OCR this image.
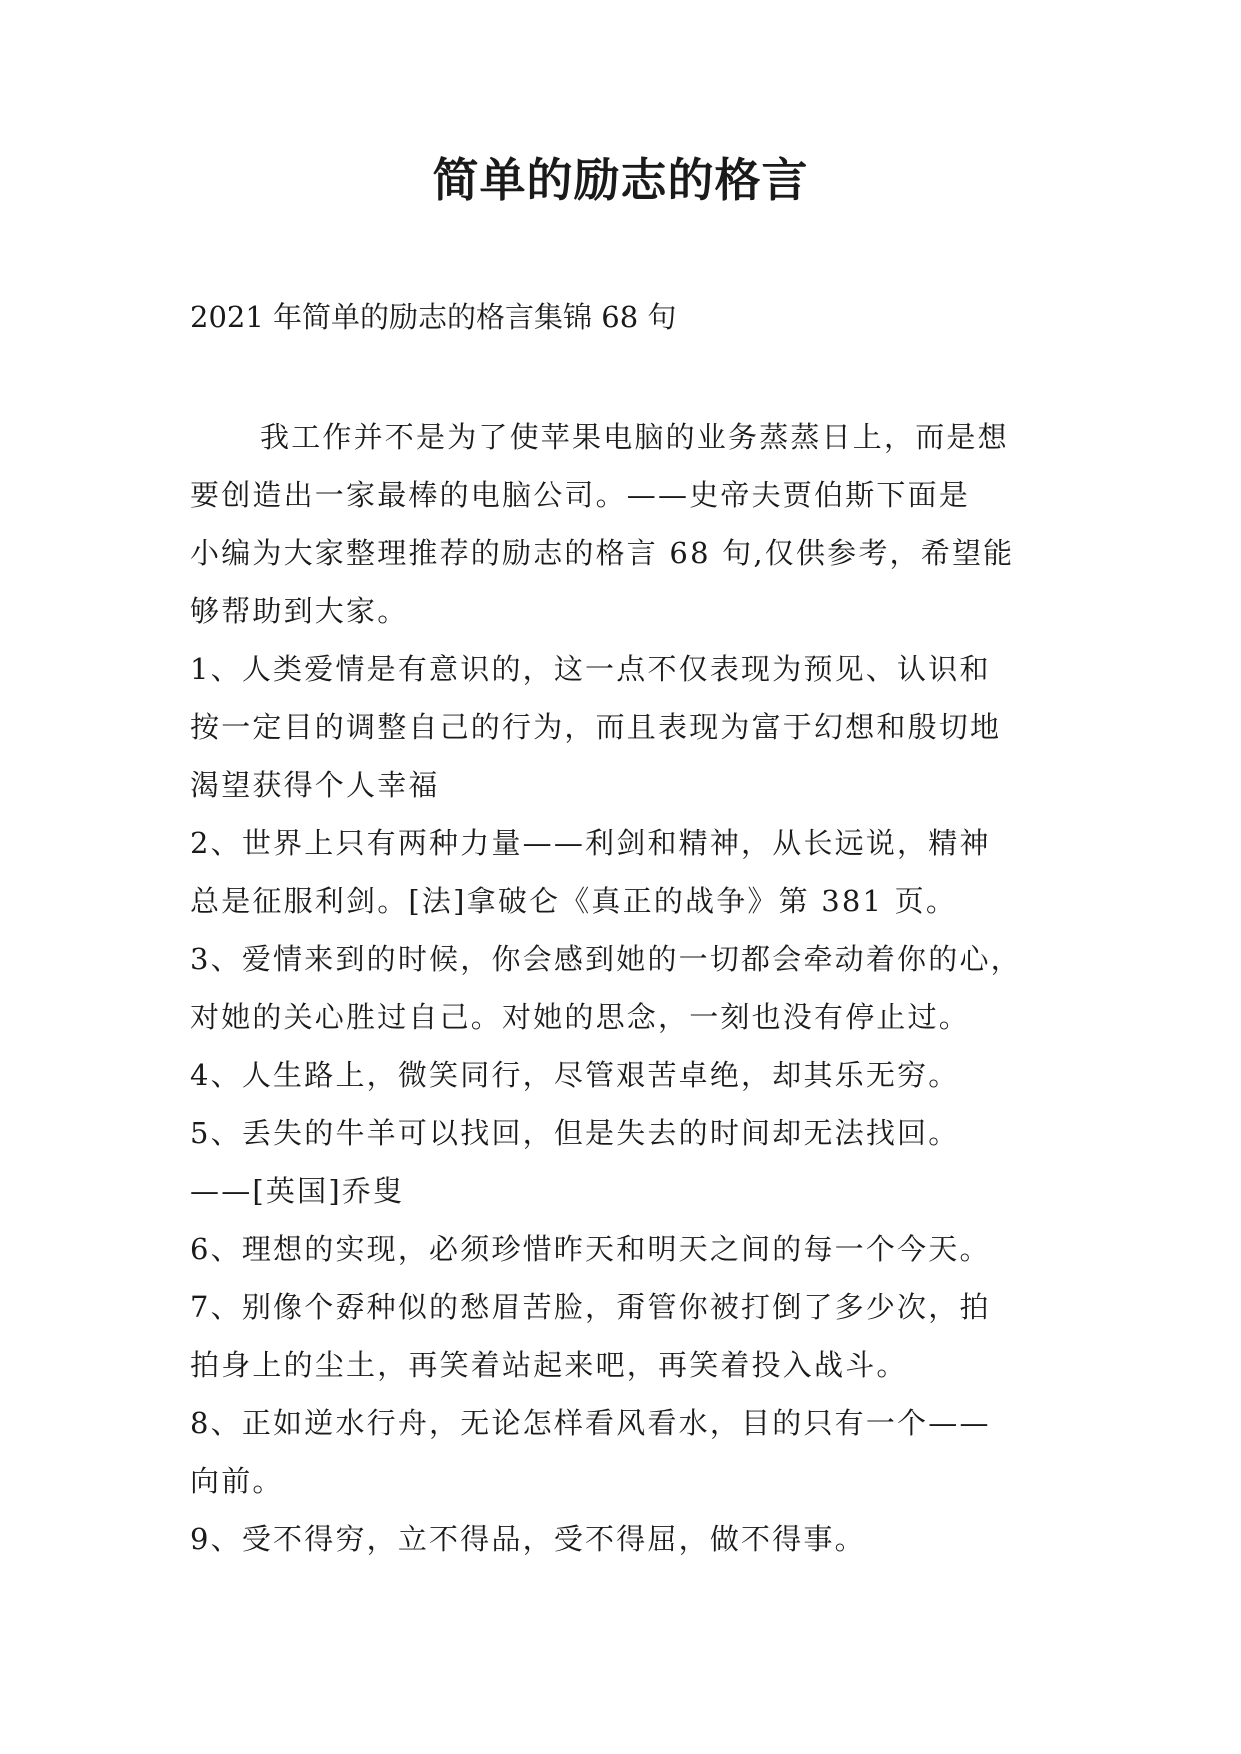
简单的励志的格言

2021 年简单的励志的格言集锦 68 句

我工作并不是为了使苹果电脑的业务蒸蒸日上，而是想
要创造出一家最棒的电脑公司。——史帝夫贾伯斯下面是
小编为大家整理推荐的励志的格言 68 句,仅供参考，希望能
够帮助到大家。
1、人类爱情是有意识的，这一点不仅表现为预见、认识和
按一定目的调整自己的行为，而且表现为富于幻想和殷切地
渴望获得个人幸福
2、世界上只有两种力量——利剑和精神，从长远说，精神
总是征服利剑。[法]拿破仑《真正的战争》第 381 页。
3、爱情来到的时候，你会感到她的一切都会牵动着你的心，
对她的关心胜过自己。对她的思念，一刻也没有停止过。
4、人生路上，微笑同行，尽管艰苦卓绝，却其乐无穷。
5、丢失的牛羊可以找回，但是失去的时间却无法找回。
——[英国]乔叟
6、理想的实现，必须珍惜昨天和明天之间的每一个今天。
7、别像个孬种似的愁眉苦脸，甭管你被打倒了多少次，拍
拍身上的尘土，再笑着站起来吧，再笑着投入战斗。
8、正如逆水行舟，无论怎样看风看水，目的只有一个——
向前。
9、受不得穷，立不得品，受不得屈，做不得事。
